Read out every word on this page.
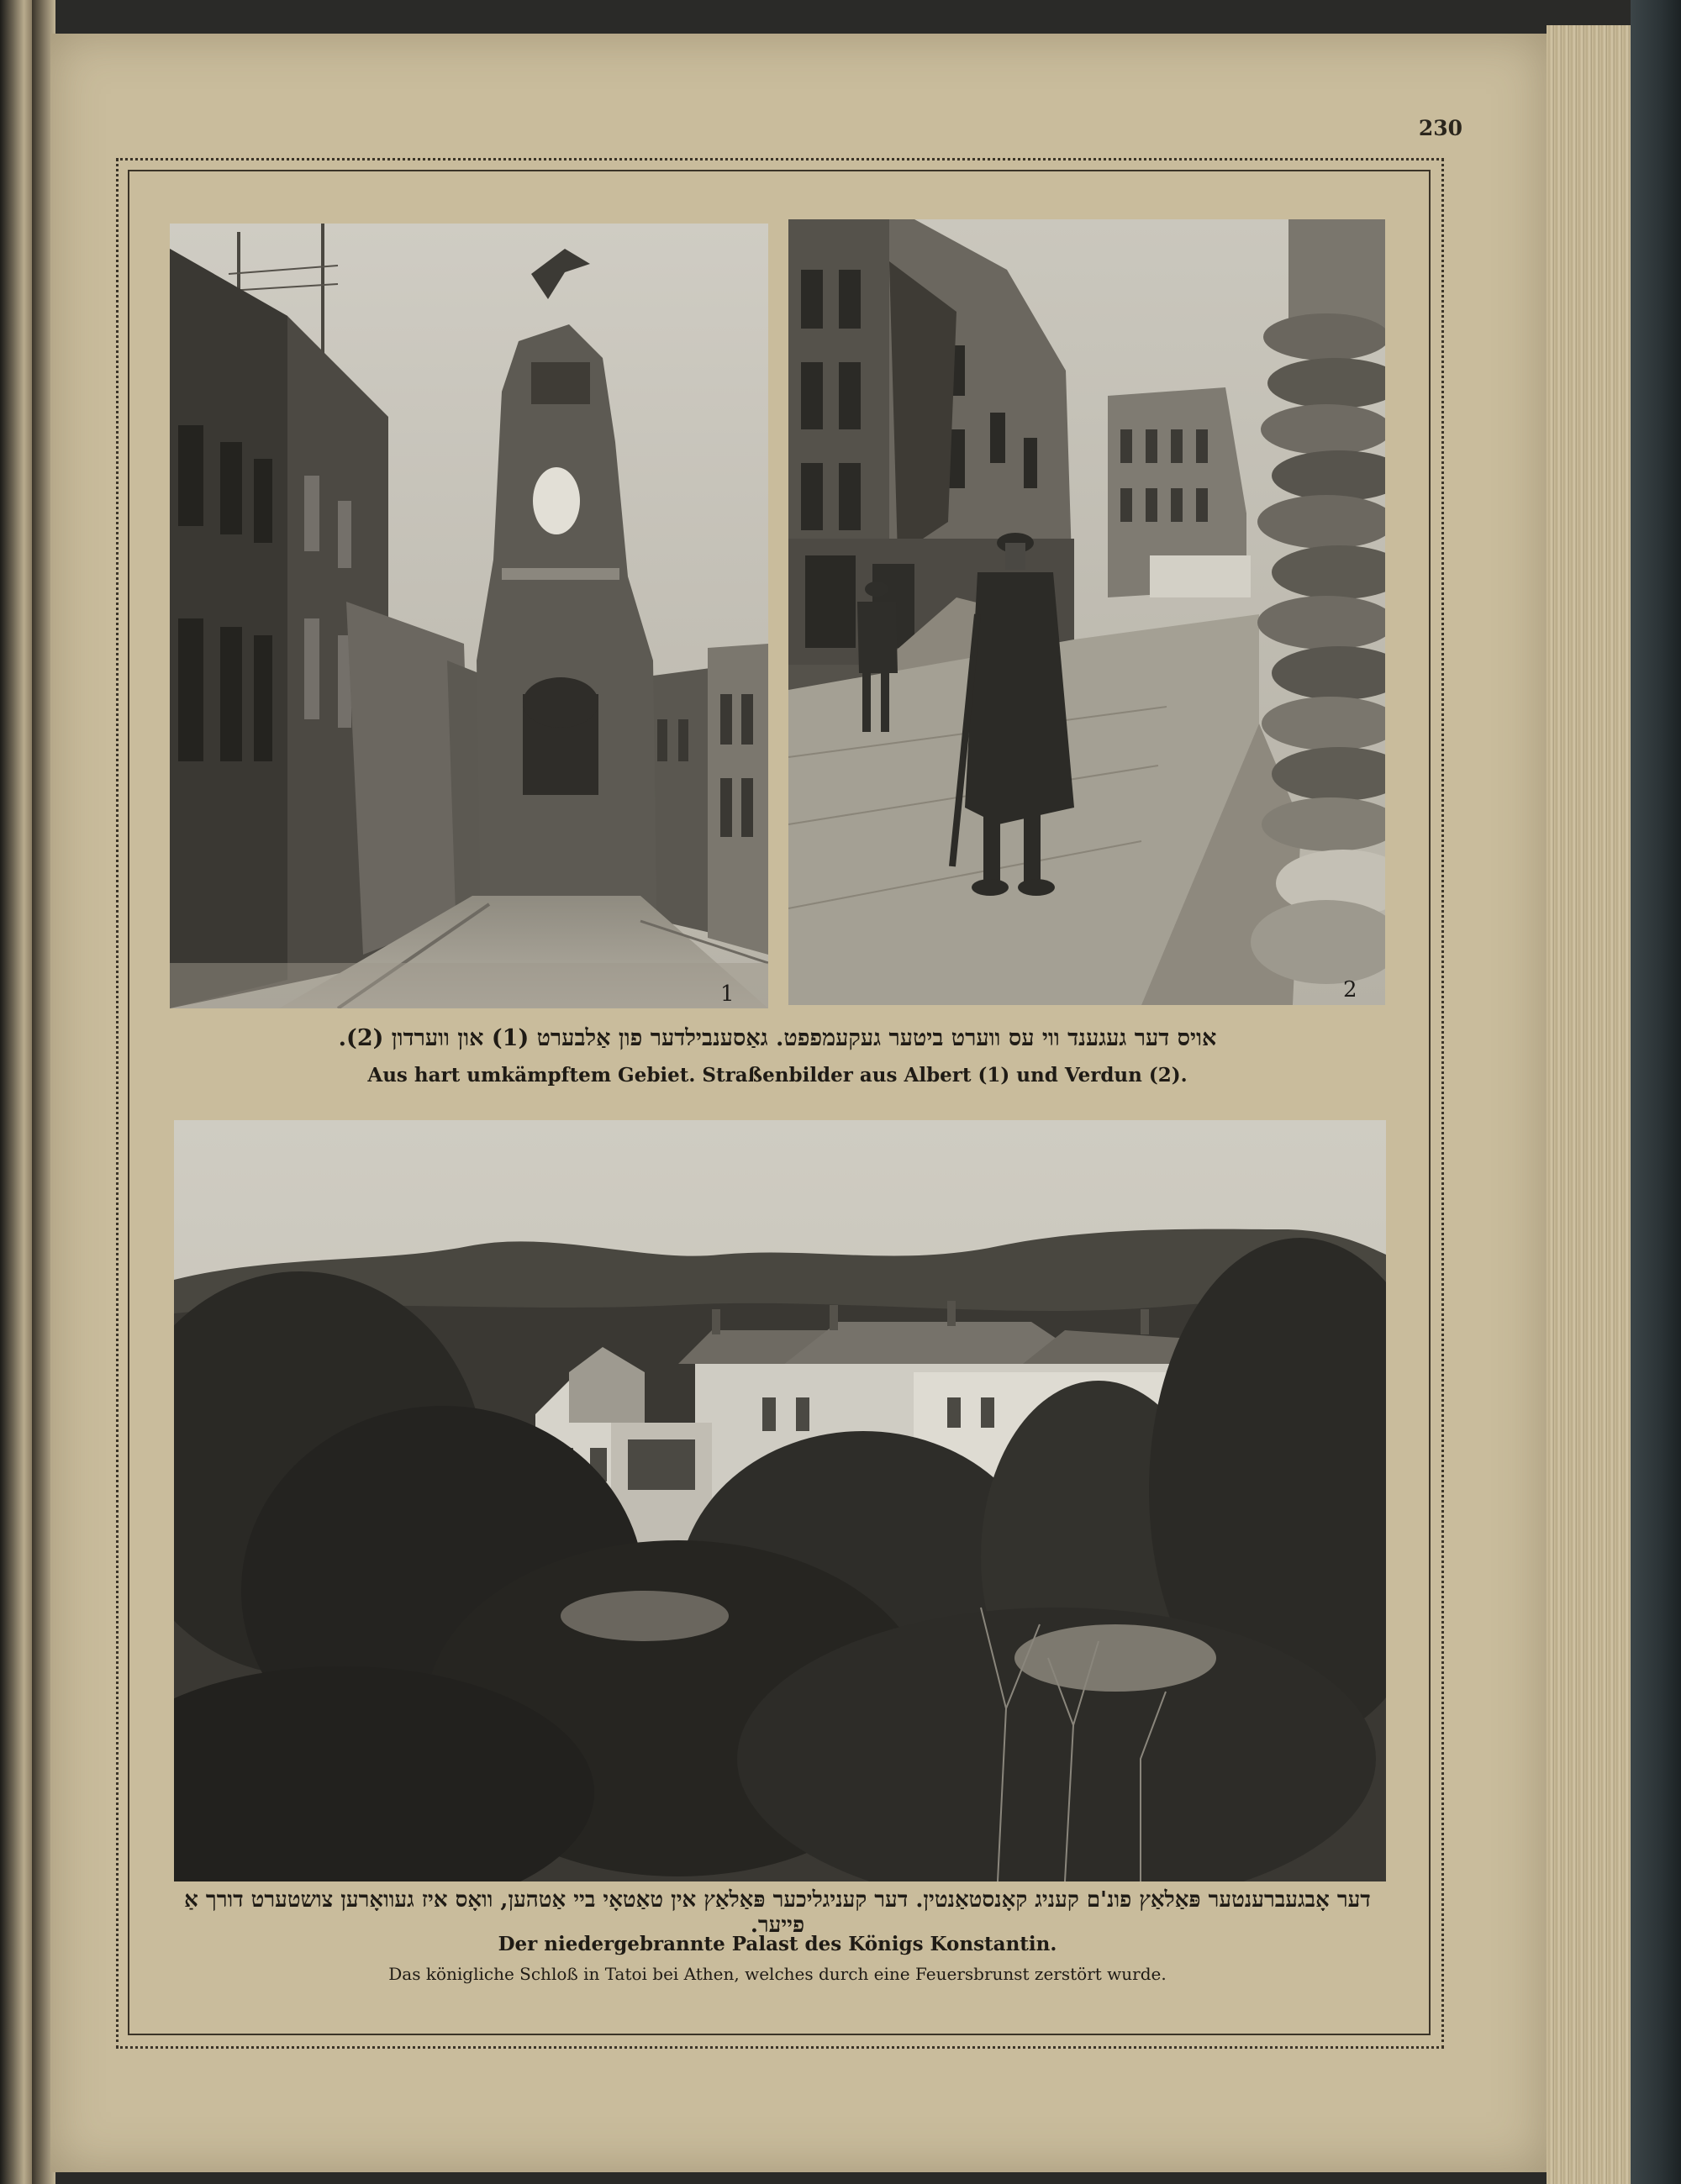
230
1	2
אויס דער געגענד ווי עס ווערט ביטער געקעמפפט. גאַסענבילדער פון אַלבערט (1) און ווערדון (2).
Aus hart umkämpftem Gebiet. Straßenbilder aus Albert (1) und Verdun (2).
דער אָבגעברענטער פּאַלאַץ פונ'ם קעניג קאָנסטאַנטין. דער קעניגליכער פּאַלאַץ אין טאַטאָי ביי אַטהען, וואָס איז געוואָרען צושטערט דורך אַ פייער.
Der niedergebrannte Palast des Königs Konstantin.
Das königliche Schloß in Tatoi bei Athen, welches durch eine Feuersbrunst zerstört wurde.
